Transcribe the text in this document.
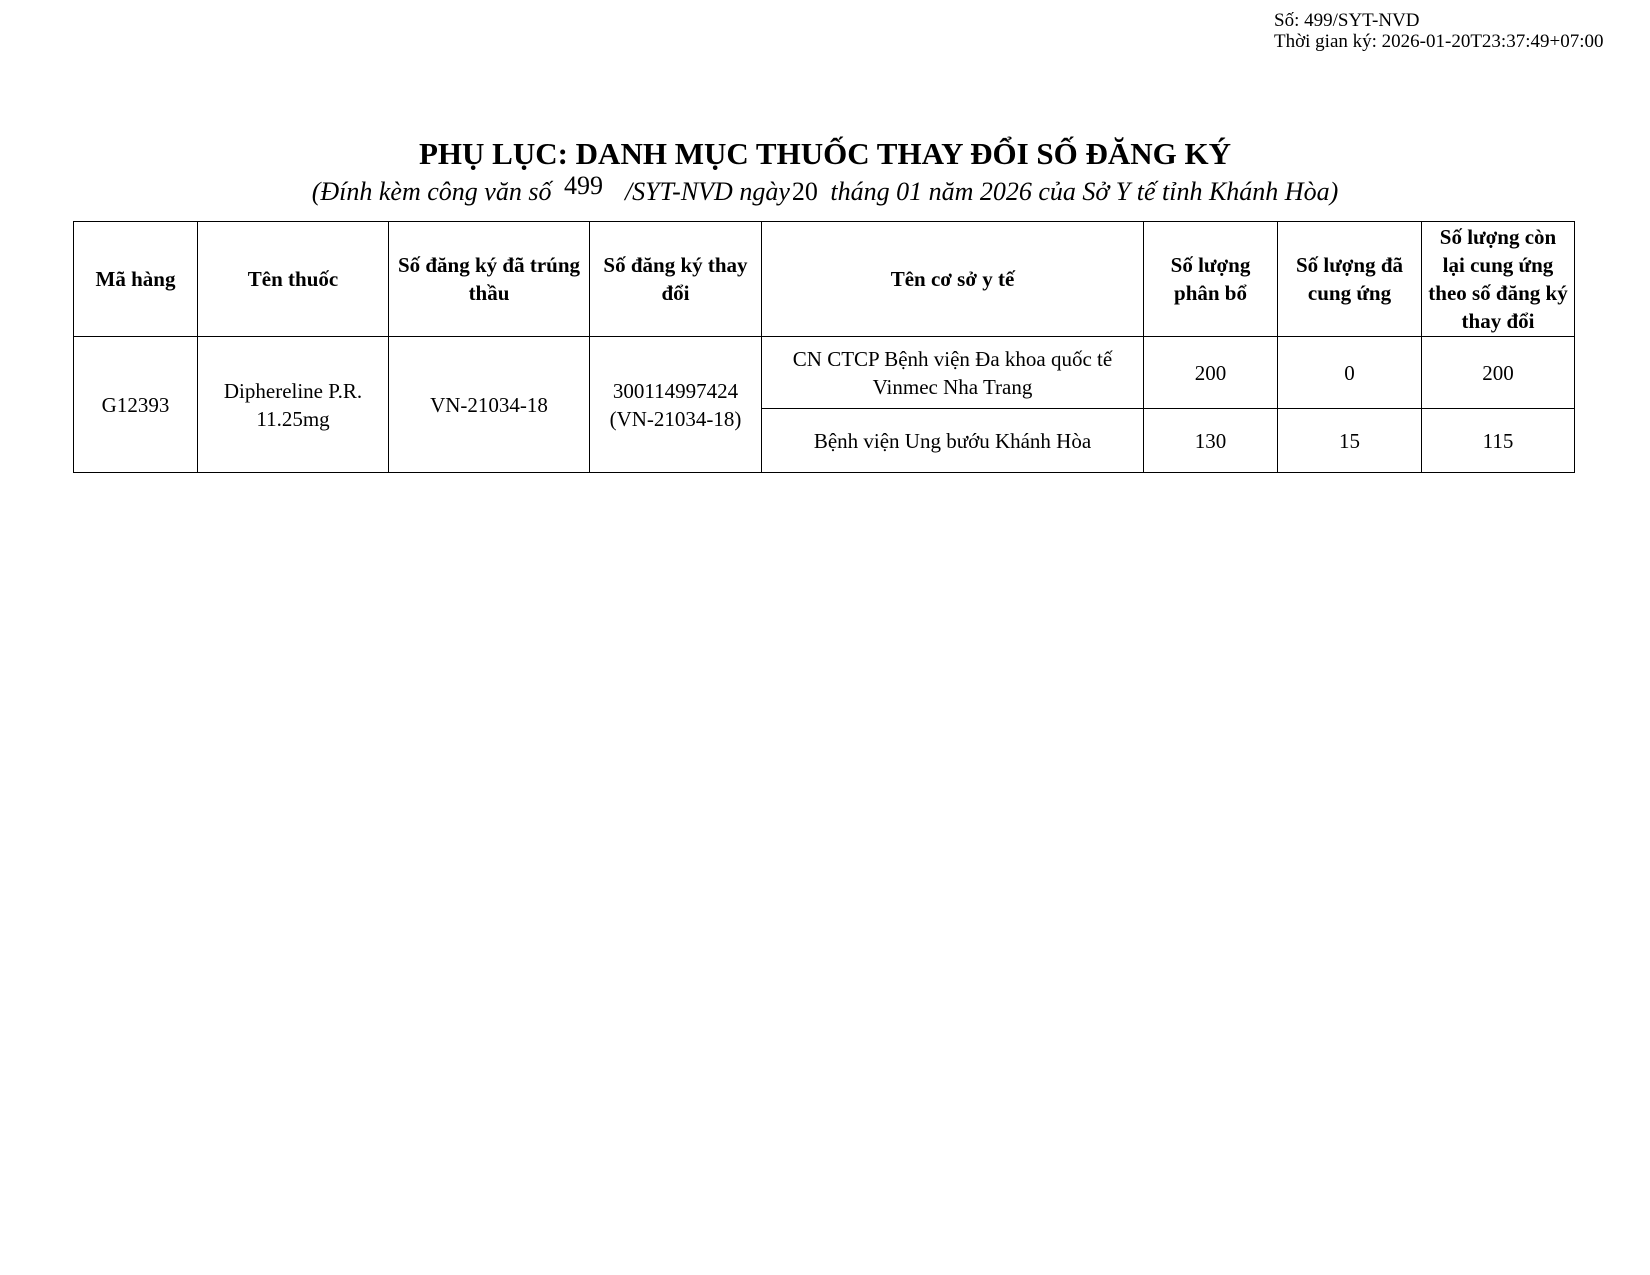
Số: 499/SYT-NVD
Thời gian ký: 2026-01-20T23:37:49+07:00
PHỤ LỤC: DANH MỤC THUỐC THAY ĐỔI SỐ ĐĂNG KÝ
(Đính kèm công văn số 499 /SYT-NVD ngày20 tháng 01 năm 2026 của Sở Y tế tỉnh Khánh Hòa)
Mã hàng	Tên thuốc	Số đăng ký đã trúng thầu	Số đăng ký thay đổi	Tên cơ sở y tế	Số lượng phân bổ	Số lượng đã cung ứng	Số lượng còn lại cung ứng theo số đăng ký thay đổi
G12393	Diphereline P.R. 11.25mg	VN-21034-18	300114997424 (VN-21034-18)	CN CTCP Bệnh viện Đa khoa quốc tế Vinmec Nha Trang	200	0	200
				Bệnh viện Ung bướu Khánh Hòa	130	15	115
